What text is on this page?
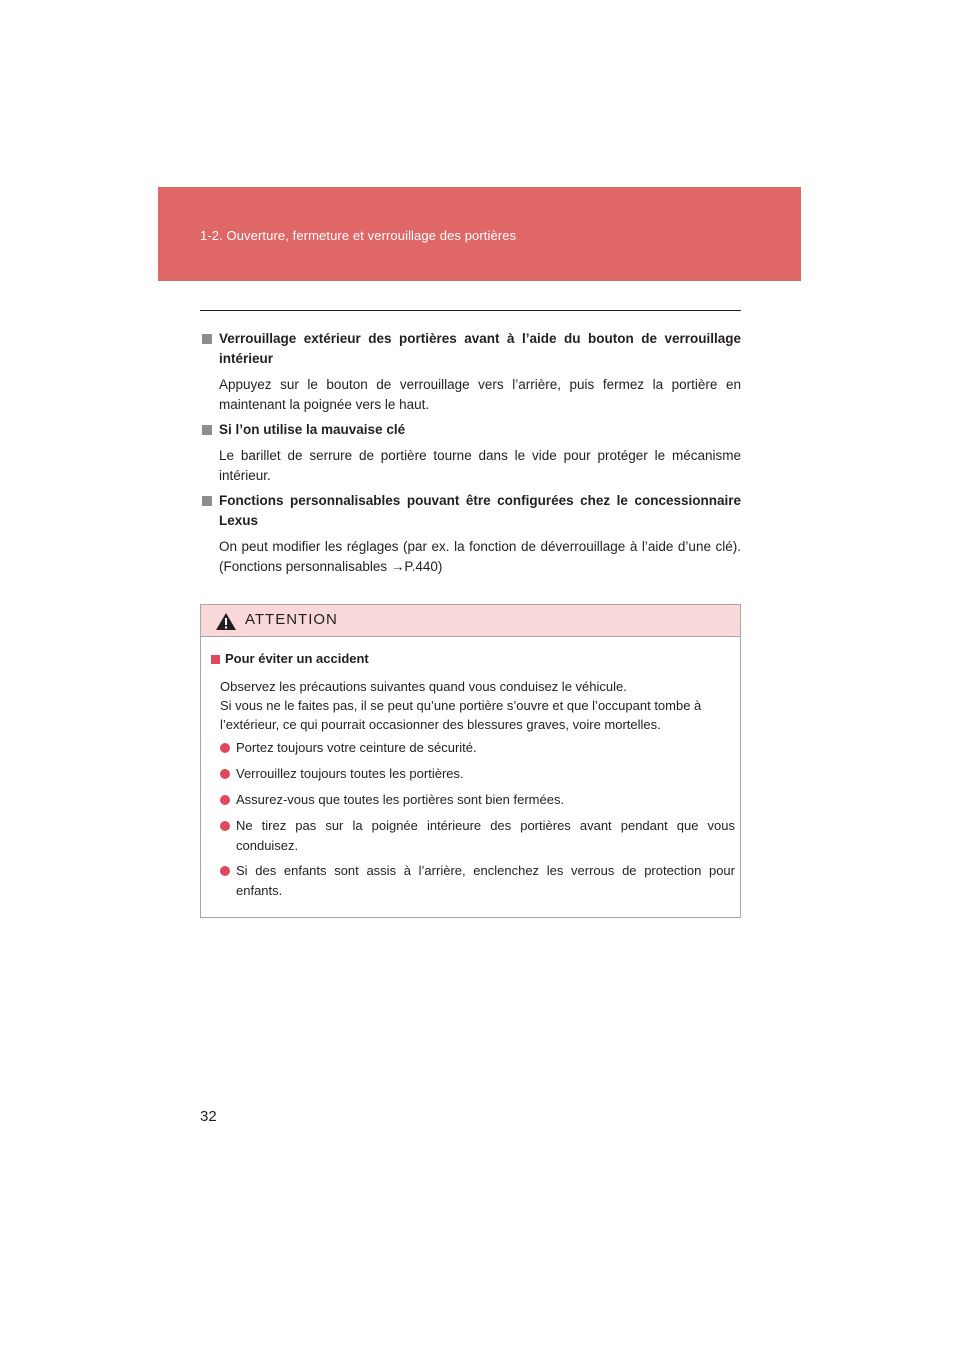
1-2. Ouverture, fermeture et verrouillage des portières
Verrouillage extérieur des portières avant à l’aide du bouton de verrouillage intérieur
Appuyez sur le bouton de verrouillage vers l’arrière, puis fermez la portière en maintenant la poignée vers le haut.
Si l’on utilise la mauvaise clé
Le barillet de serrure de portière tourne dans le vide pour protéger le mécanisme intérieur.
Fonctions personnalisables pouvant être configurées chez le concessionnaire Lexus
On peut modifier les réglages (par ex. la fonction de déverrouillage à l’aide d’une clé). (Fonctions personnalisables →P.440)
ATTENTION
Pour éviter un accident
Observez les précautions suivantes quand vous conduisez le véhicule.
Si vous ne le faites pas, il se peut qu’une portière s’ouvre et que l’occupant tombe à l’extérieur, ce qui pourrait occasionner des blessures graves, voire mortelles.
Portez toujours votre ceinture de sécurité.
Verrouillez toujours toutes les portières.
Assurez-vous que toutes les portières sont bien fermées.
Ne tirez pas sur la poignée intérieure des portières avant pendant que vous conduisez.
Si des enfants sont assis à l’arrière, enclenchez les verrous de protection pour enfants.
32
